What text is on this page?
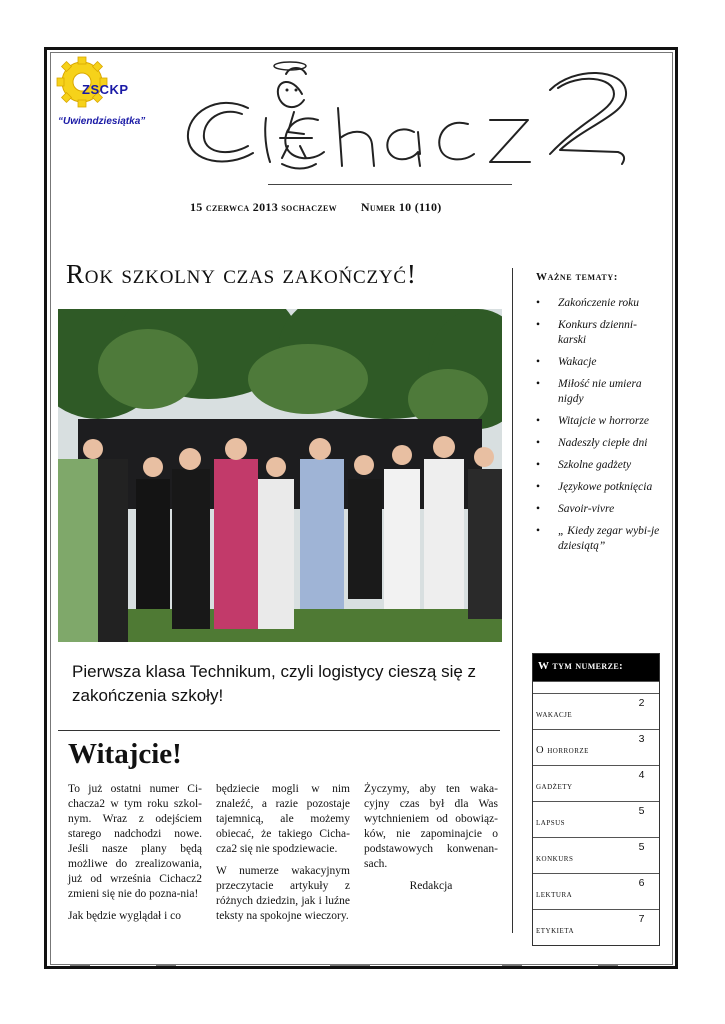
ZSCKP
“Uwiendziesiątka”
15 czerwca 2013 sochaczew Numer 10 (110)
Rok szkolny czas zakończyć!	Ważne tematy:
• Zakończenie roku
• Konkurs dzienni-karski
• Wakacje
• Miłość nie umiera nigdy
• Witajcie w horrorze
• Nadeszły ciepłe dni
• Szkolne gadżety
• Językowe potknięcia
• Savoir-vivre
• „ Kiedy zegar wybi-je dziesiątą”
Pierwsza klasa Technikum, czyli logistycy cieszą się z zakończenia szkoły!
Witajcie!

To już ostatni numer Ci-chacza2 w tym roku szkol-nym. Wraz z odejściem starego nadchodzi nowe. Jeśli nasze plany będą możliwe do zrealizowania, już od września Cichacz2 zmieni się nie do pozna-nia!

Jak będzie wyglądał i co

będziecie mogli w nim znaleźć, a razie pozostaje tajemnicą, ale możemy obiecać, że takiego Cicha-cza2 się nie spodziewacie.

W numerze wakacyjnym przeczytacie artykuły z różnych dziedzin, jak i luźne teksty na spokojne wieczory.

Życzymy, aby ten waka-cyjny czas był dla Was wytchnieniem od obowiąz-ków, nie zapominajcie o podstawowych konwenan-sach.

Redakcja

W tym numerze:
wakacje
2
O horrorze
3
gadżety
4
lapsus
5
konkurs
5
lektura
6
etykieta
7
